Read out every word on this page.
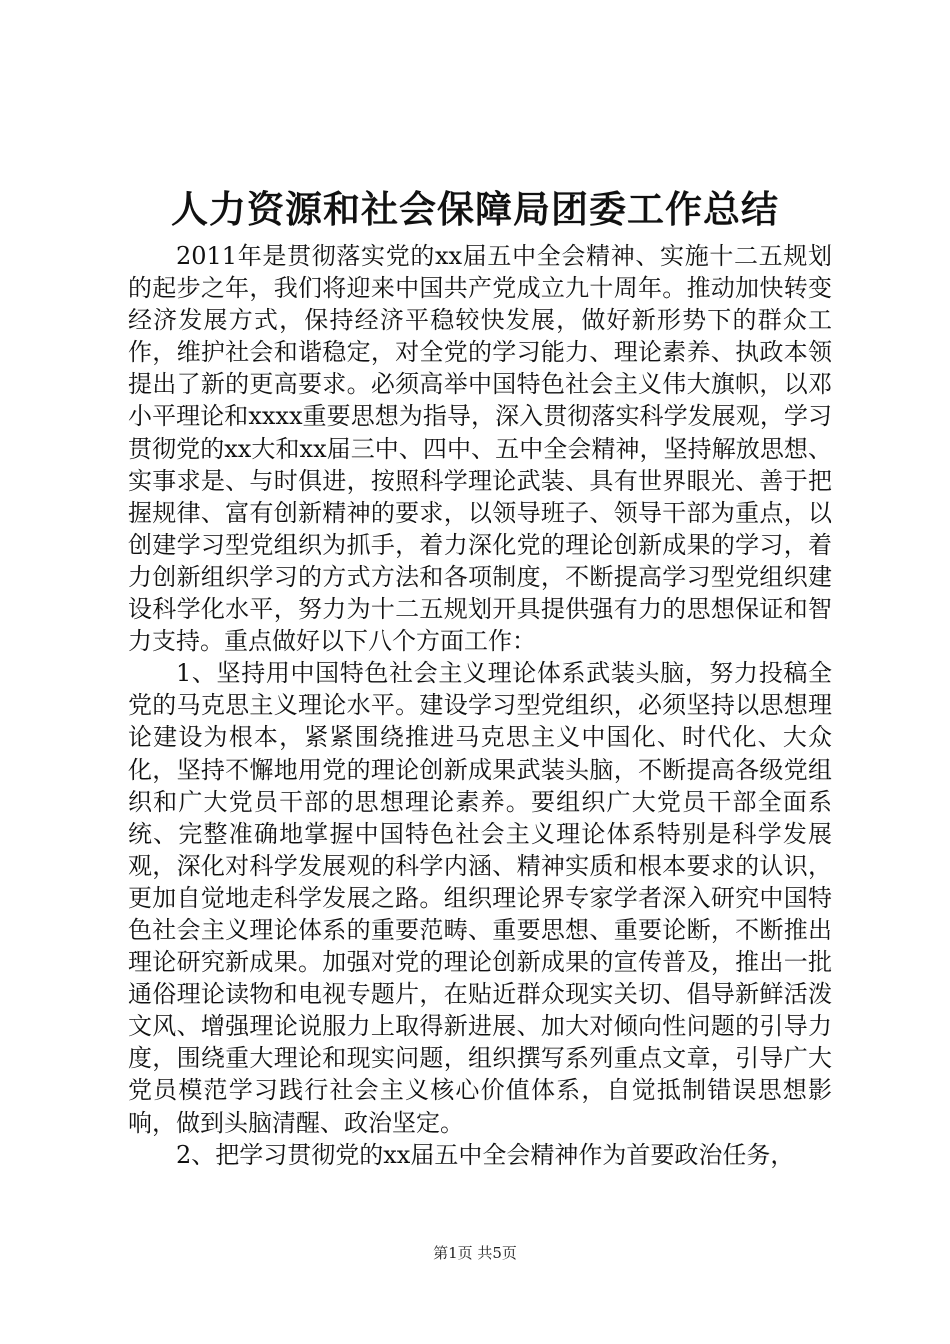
人力资源和社会保障局团委工作总结

2011年是贯彻落实党的xx届五中全会精神、实施十二五规划的起步之年，我们将迎来中国共产党成立九十周年。推动加快转变经济发展方式，保持经济平稳较快发展，做好新形势下的群众工作，维护社会和谐稳定，对全党的学习能力、理论素养、执政本领提出了新的更高要求。必须高举中国特色社会主义伟大旗帜，以邓小平理论和xxxx重要思想为指导，深入贯彻落实科学发展观，学习贯彻党的xx大和xx届三中、四中、五中全会精神，坚持解放思想、实事求是、与时俱进，按照科学理论武装、具有世界眼光、善于把握规律、富有创新精神的要求，以领导班子、领导干部为重点，以创建学习型党组织为抓手，着力深化党的理论创新成果的学习，着力创新组织学习的方式方法和各项制度，不断提高学习型党组织建设科学化水平，努力为十二五规划开具提供强有力的思想保证和智力支持。重点做好以下八个方面工作：

1、坚持用中国特色社会主义理论体系武装头脑，努力投稿全党的马克思主义理论水平。建设学习型党组织，必须坚持以思想理论建设为根本，紧紧围绕推进马克思主义中国化、时代化、大众化，坚持不懈地用党的理论创新成果武装头脑，不断提高各级党组织和广大党员干部的思想理论素养。要组织广大党员干部全面系统、完整准确地掌握中国特色社会主义理论体系特别是科学发展观，深化对科学发展观的科学内涵、精神实质和根本要求的认识，更加自觉地走科学发展之路。组织理论界专家学者深入研究中国特色社会主义理论体系的重要范畴、重要思想、重要论断，不断推出理论研究新成果。加强对党的理论创新成果的宣传普及，推出一批通俗理论读物和电视专题片，在贴近群众现实关切、倡导新鲜活泼文风、增强理论说服力上取得新进展、加大对倾向性问题的引导力度，围绕重大理论和现实问题，组织撰写系列重点文章，引导广大党员模范学习践行社会主义核心价值体系，自觉抵制错误思想影响，做到头脑清醒、政治坚定。

2、把学习贯彻党的xx届五中全会精神作为首要政治任务，

第1页 共5页
